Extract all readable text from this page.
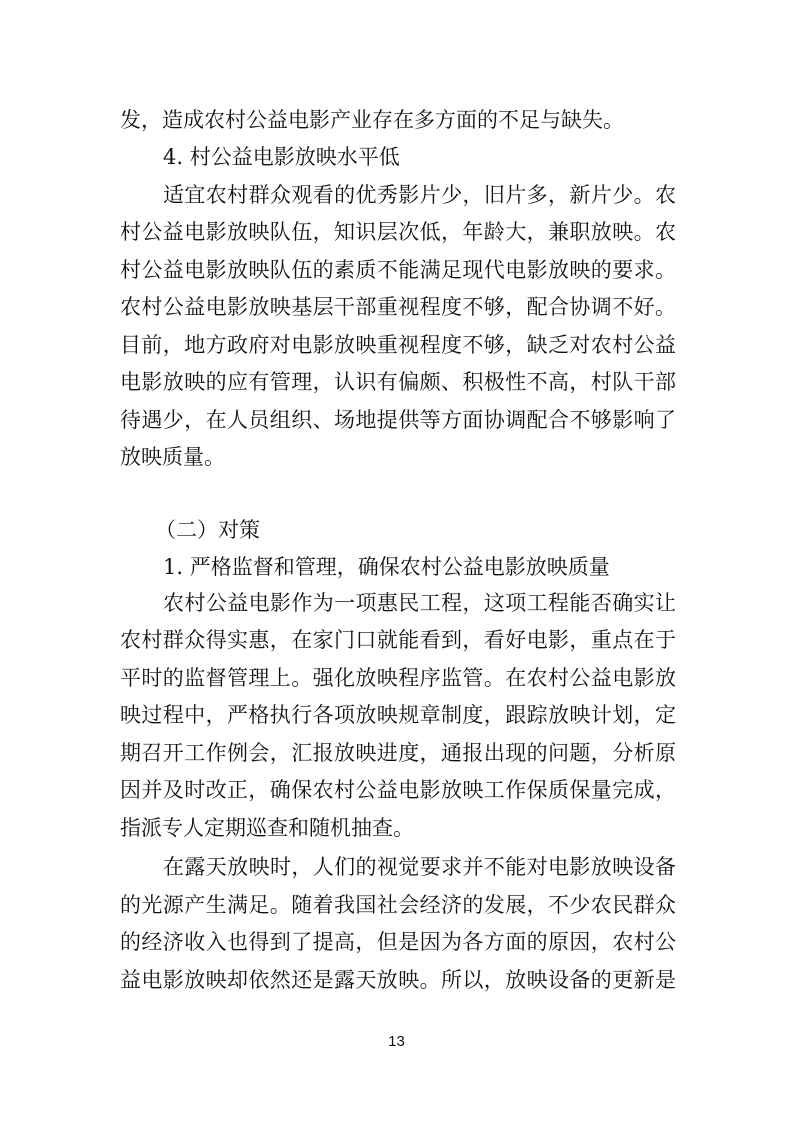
发，造成农村公益电影产业存在多方面的不足与缺失。
4. 村公益电影放映水平低
适宜农村群众观看的优秀影片少，旧片多，新片少。农
村公益电影放映队伍，知识层次低，年龄大，兼职放映。农
村公益电影放映队伍的素质不能满足现代电影放映的要求。
农村公益电影放映基层干部重视程度不够，配合协调不好。
目前，地方政府对电影放映重视程度不够，缺乏对农村公益
电影放映的应有管理，认识有偏颇、积极性不高，村队干部
待遇少，在人员组织、场地提供等方面协调配合不够影响了
放映质量。
（二）对策
1. 严格监督和管理，确保农村公益电影放映质量
农村公益电影作为一项惠民工程，这项工程能否确实让
农村群众得实惠，在家门口就能看到，看好电影，重点在于
平时的监督管理上。强化放映程序监管。在农村公益电影放
映过程中，严格执行各项放映规章制度，跟踪放映计划，定
期召开工作例会，汇报放映进度，通报出现的问题，分析原
因并及时改正，确保农村公益电影放映工作保质保量完成，
指派专人定期巡查和随机抽查。
在露天放映时，人们的视觉要求并不能对电影放映设备
的光源产生满足。随着我国社会经济的发展，不少农民群众
的经济收入也得到了提高，但是因为各方面的原因，农村公
益电影放映却依然还是露天放映。所以，放映设备的更新是
13
